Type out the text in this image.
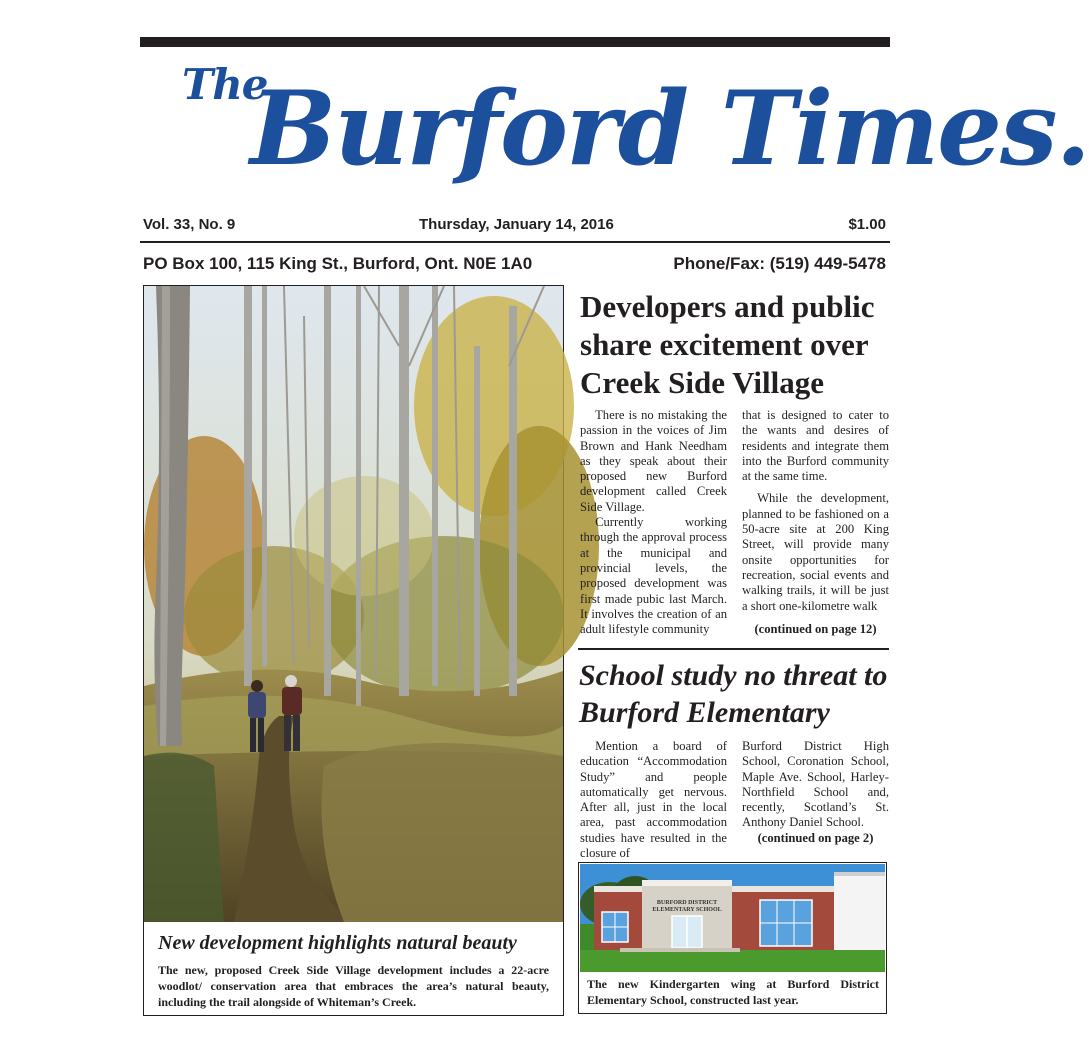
The
Burford Times.
Vol. 33, No. 9	Thursday, January 14, 2016	$1.00
PO Box 100, 115 King St., Burford, Ont. N0E 1A0	Phone/Fax: (519) 449-5478
New development highlights natural beauty

The new, proposed Creek Side Village development includes a 22-acre woodlot/ conservation area that embraces the area’s natural beauty, including the trail alongside of Whiteman’s Creek.

Developers and public share excitement over Creek Side Village

There is no mistaking the passion in the voices of Jim Brown and Hank Needham as they speak about their proposed new Burford development called Creek Side Village.

Currently working through the approval process at the municipal and provincial levels, the proposed development was first made pubic last March. It involves the creation of an adult lifestyle community

that is designed to cater to the wants and desires of residents and integrate them into the Burford community at the same time.

While the development, planned to be fashioned on a 50-acre site at 200 King Street, will provide many onsite opportunities for recreation, social events and walking trails, it will be just a short one-kilometre walk

(continued on page 12)

School study no threat to Burford Elementary

Mention a board of education “Accommodation Study” and people automatically get nervous. After all, just in the local area, past accommodation studies have resulted in the closure of

Burford District High School, Coronation School, Maple Ave. School, Harley-Northfield School and, recently, Scotland’s St. Anthony Daniel School.

(continued on page 2)

BURFORD DISTRICT
ELEMENTARY SCHOOL
The new Kindergarten wing at Burford District Elementary School, constructed last year.
